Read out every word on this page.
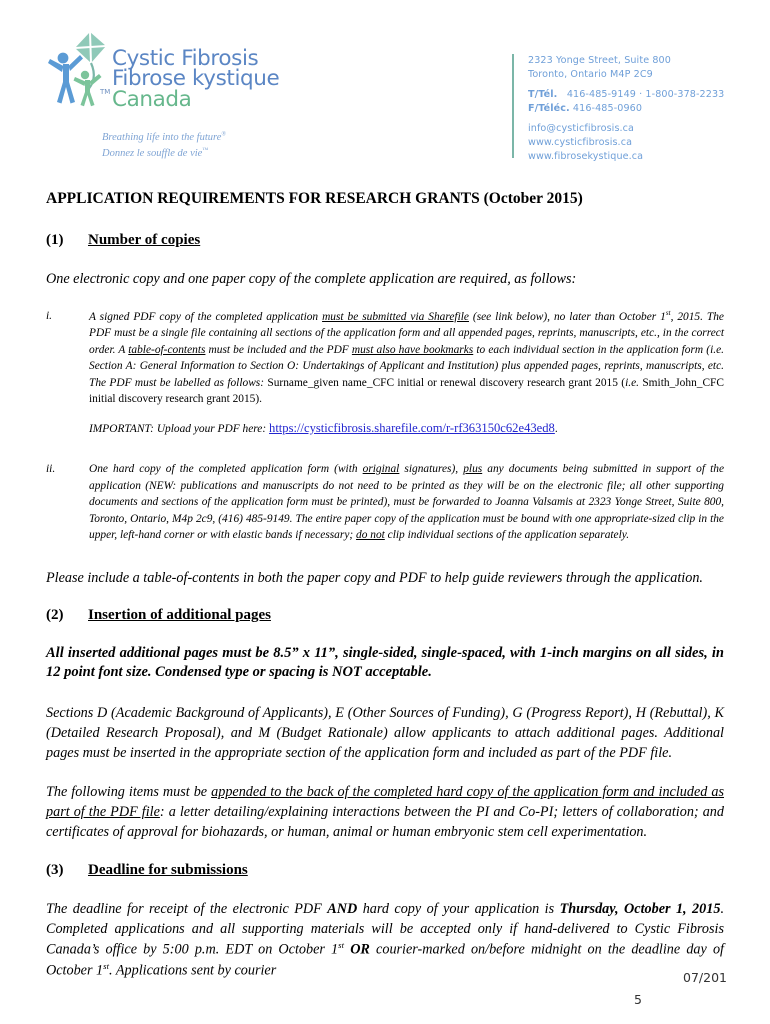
Cystic Fibrosis
Fibrose kystique
Canada
TM
Breathing life into the future®
Donnez le souffle de vie™
2323 Yonge Street, Suite 800
Toronto, Ontario M4P 2C9
T/Tél. 416-485-9149 · 1-800-378-2233
F/Téléc. 416-485-0960
info@cysticfibrosis.ca
www.cysticfibrosis.ca
www.fibrosekystique.ca
APPLICATION REQUIREMENTS FOR RESEARCH GRANTS (October 2015)
(1)	Number of copies

One electronic copy and one paper copy of the complete application are required, as follows:

i.	A signed PDF copy of the completed application must be submitted via Sharefile (see link below), no later than October 1st, 2015. The PDF must be a single file containing all sections of the application form and all appended pages, reprints, manuscripts, etc., in the correct order. A table-of-contents must be included and the PDF must also have bookmarks to each individual section in the application form (i.e. Section A: General Information to Section O: Undertakings of Applicant and Institution) plus appended pages, reprints, manuscripts, etc. The PDF must be labelled as follows: Surname_given name_CFC initial or renewal discovery research grant 2015 (i.e. Smith_John_CFC initial discovery research grant 2015).
IMPORTANT: Upload your PDF here: https://cysticfibrosis.sharefile.com/r-rf363150c62e43ed8.
ii.	One hard copy of the completed application form (with original signatures), plus any documents being submitted in support of the application (NEW: publications and manuscripts do not need to be printed as they will be on the electronic file; all other supporting documents and sections of the application form must be printed), must be forwarded to Joanna Valsamis at 2323 Yonge Street, Suite 800, Toronto, Ontario, M4p 2c9, (416) 485-9149. The entire paper copy of the application must be bound with one appropriate-sized clip in the upper, left-hand corner or with elastic bands if necessary; do not clip individual sections of the application separately.

Please include a table-of-contents in both the paper copy and PDF to help guide reviewers through the application.

(2)	Insertion of additional pages

All inserted additional pages must be 8.5” x 11”, single-sided, single-spaced, with 1-inch margins on all sides, in 12 point font size. Condensed type or spacing is NOT acceptable.

Sections D (Academic Background of Applicants), E (Other Sources of Funding), G (Progress Report), H (Rebuttal), K (Detailed Research Proposal), and M (Budget Rationale) allow applicants to attach additional pages. Additional pages must be inserted in the appropriate section of the application form and included as part of the PDF file.

The following items must be appended to the back of the completed hard copy of the application form and included as part of the PDF file: a letter detailing/explaining interactions between the PI and Co-PI; letters of collaboration; and certificates of approval for biohazards, or human, animal or human embryonic stem cell experimentation.

(3)	Deadline for submissions

The deadline for receipt of the electronic PDF AND hard copy of your application is Thursday, October 1, 2015. Completed applications and all supporting materials will be accepted only if hand-delivered to Cystic Fibrosis Canada’s office by 5:00 p.m. EDT on October 1st OR courier-marked on/before midnight on the deadline day of October 1st. Applications sent by courier	07/201
5
